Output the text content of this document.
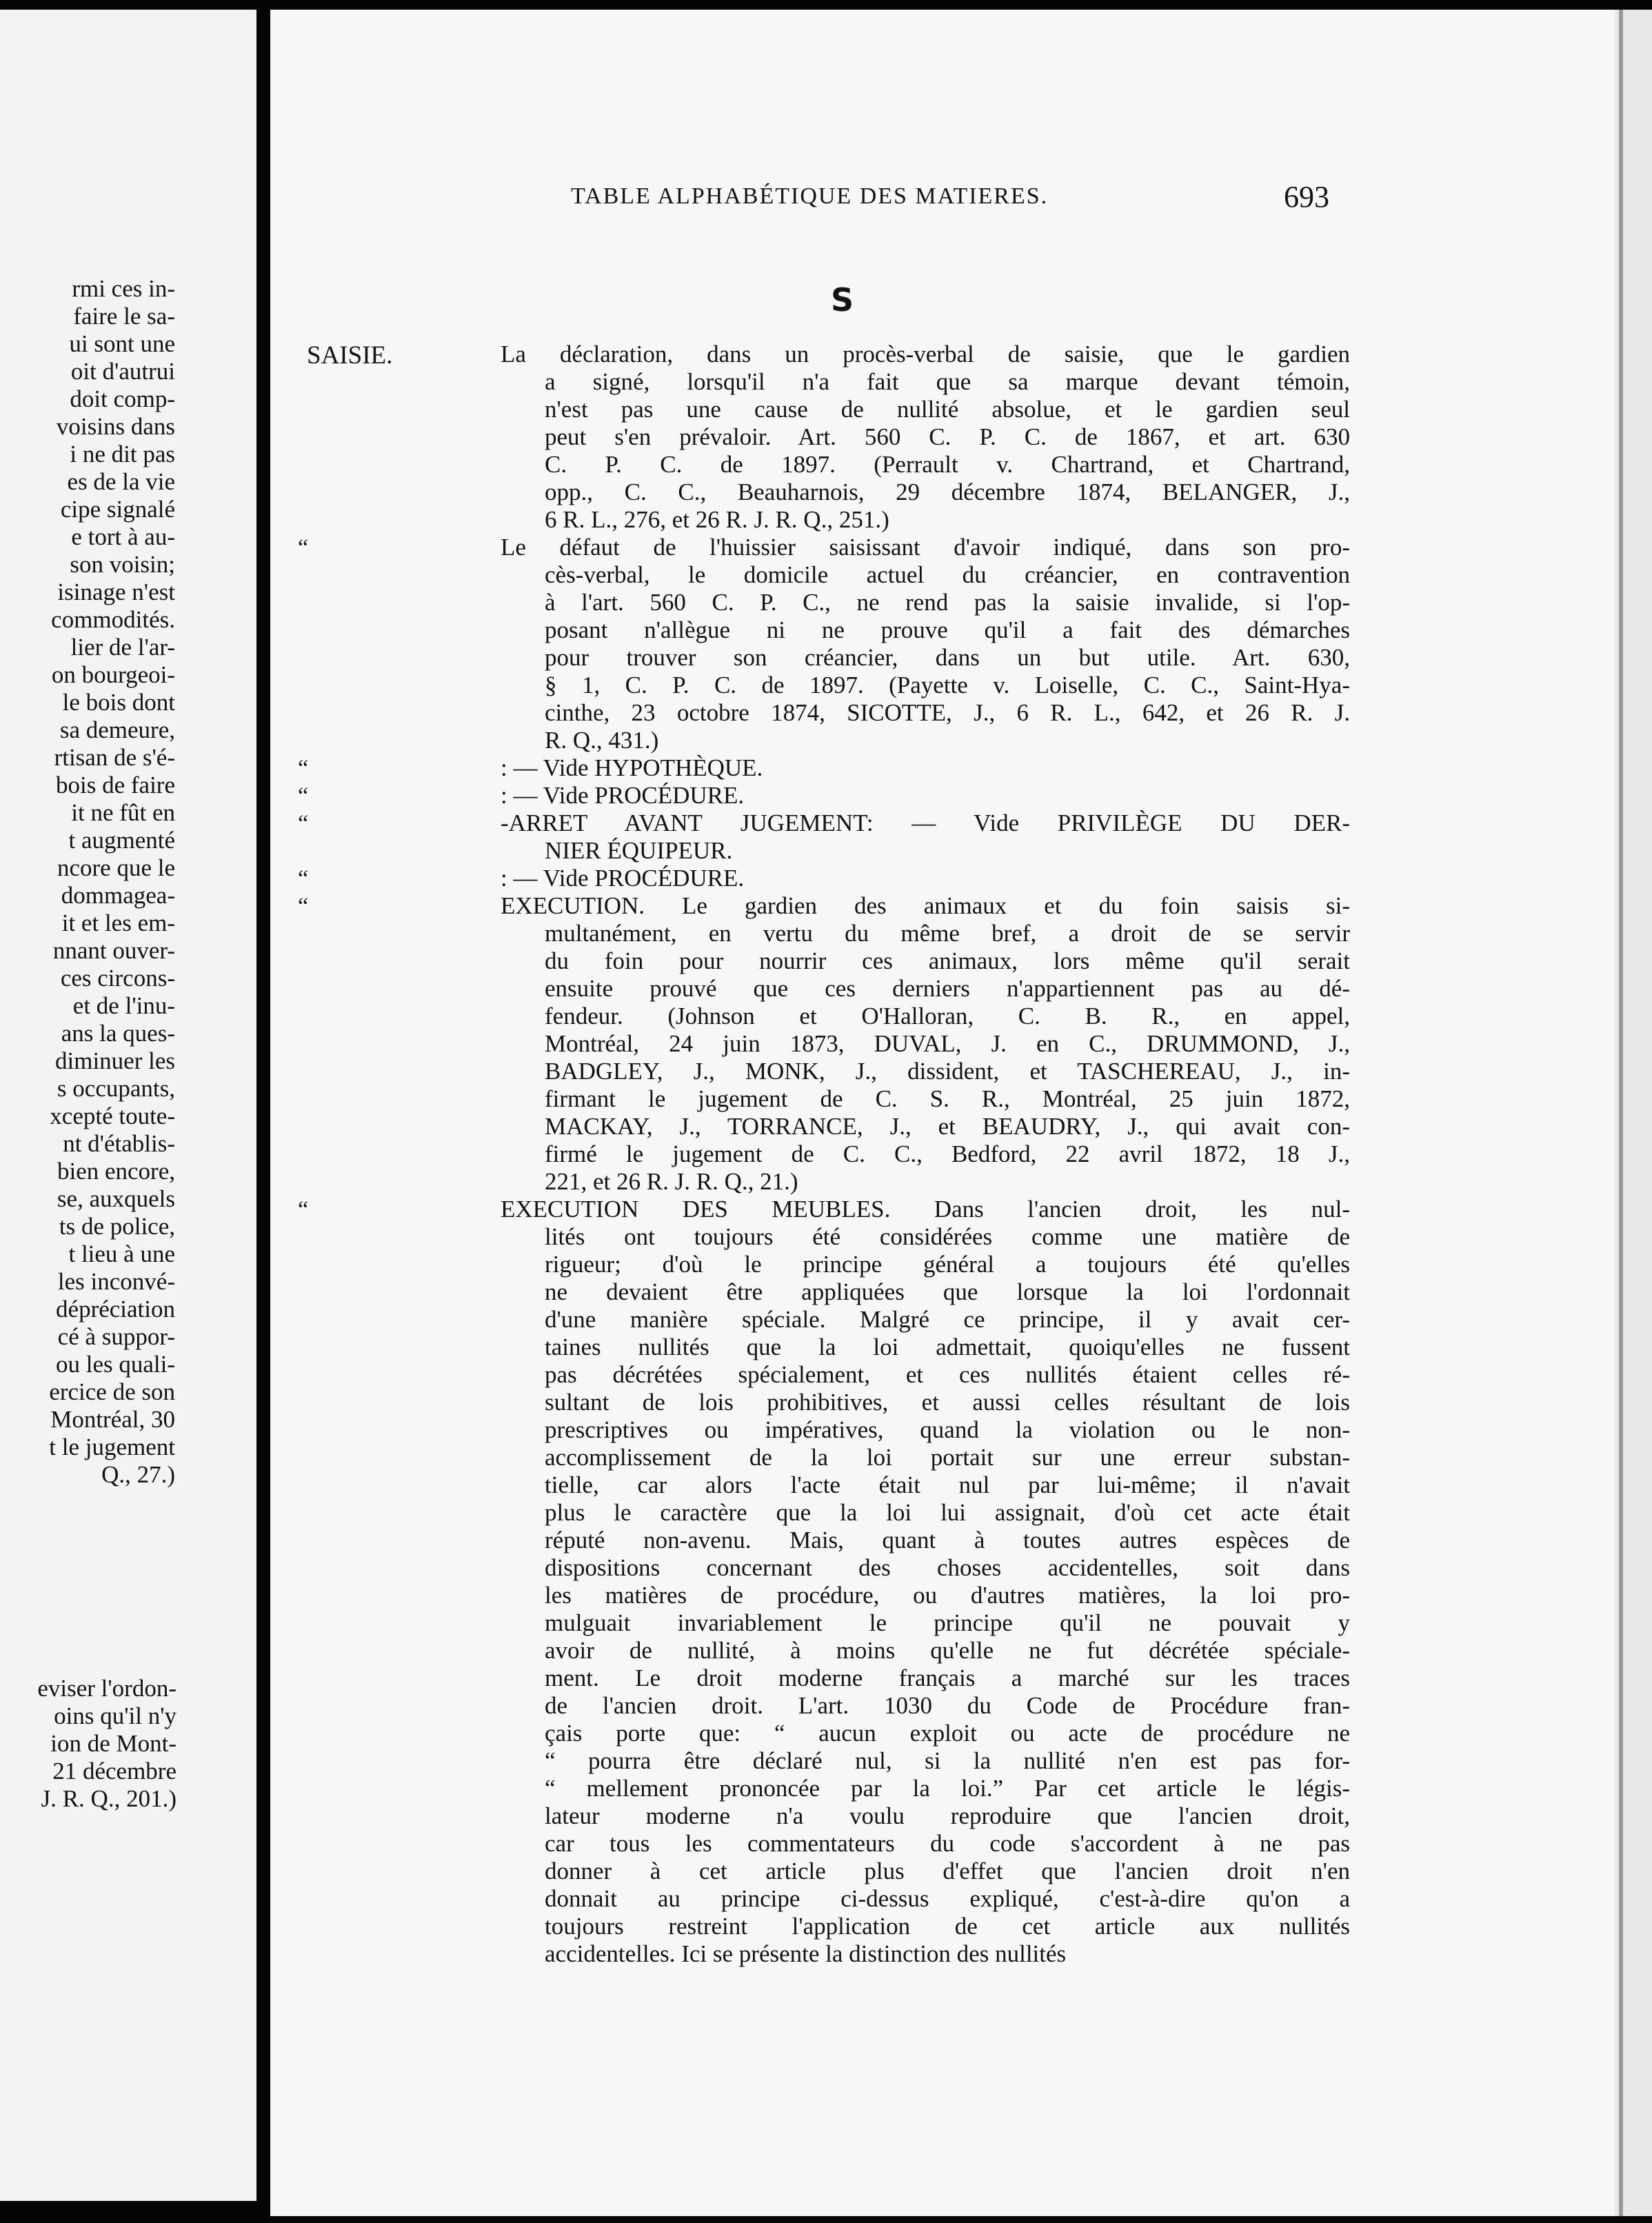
rmi ces in-
faire le sa-
ui sont une
oit d'autrui
doit comp-
voisins dans
i ne dit pas
es de la vie
cipe signalé
e tort à au-
son voisin;
isinage n'est
commodités.
lier de l'ar-
on bourgeoi-
le bois dont
sa demeure,
rtisan de s'é-
bois de faire
it ne fût en
t augmenté
ncore que le
dommagea-
it et les em-
nnant ouver-
ces circons-
et de l'inu-
ans la ques-
diminuer les
s occupants,
xcepté toute-
nt d'établis-
bien encore,
se, auxquels
ts de police,
t lieu à une
les inconvé-
dépréciation
cé à suppor-
ou les quali-
ercice de son
Montréal, 30
t le jugement
Q., 27.)
eviser l'ordon-
oins qu'il n'y
ion de Mont-
21 décembre
J. R. Q., 201.)
TABLE ALPHABÉTIQUE DES MATIERES.	693
S
SAISIE.	La déclaration, dans un procès-verbal de saisie, que le gardien
a signé, lorsqu'il n'a fait que sa marque devant témoin,
n'est pas une cause de nullité absolue, et le gardien seul
peut s'en prévaloir. Art. 560 C. P. C. de 1867, et art. 630
C. P. C. de 1897. (Perrault v. Chartrand, et Chartrand,
opp., C. C., Beauharnois, 29 décembre 1874, BELANGER, J.,
6 R. L., 276, et 26 R. J. R. Q., 251.)
“	Le défaut de l'huissier saisissant d'avoir indiqué, dans son pro-
cès-verbal, le domicile actuel du créancier, en contravention
à l'art. 560 C. P. C., ne rend pas la saisie invalide, si l'op-
posant n'allègue ni ne prouve qu'il a fait des démarches
pour trouver son créancier, dans un but utile. Art. 630,
§ 1, C. P. C. de 1897. (Payette v. Loiselle, C. C., Saint-Hya-
cinthe, 23 octobre 1874, SICOTTE, J., 6 R. L., 642, et 26 R. J.
R. Q., 431.)
“	: — Vide HYPOTHÈQUE.
“	: — Vide PROCÉDURE.
“	-ARRET AVANT JUGEMENT: — Vide PRIVILÈGE DU DER-
NIER ÉQUIPEUR.
“	: — Vide PROCÉDURE.
“	EXECUTION. Le gardien des animaux et du foin saisis si-
multanément, en vertu du même bref, a droit de se servir
du foin pour nourrir ces animaux, lors même qu'il serait
ensuite prouvé que ces derniers n'appartiennent pas au dé-
fendeur. (Johnson et O'Halloran, C. B. R., en appel,
Montréal, 24 juin 1873, DUVAL, J. en C., DRUMMOND, J.,
BADGLEY, J., MONK, J., dissident, et TASCHEREAU, J., in-
firmant le jugement de C. S. R., Montréal, 25 juin 1872,
MACKAY, J., TORRANCE, J., et BEAUDRY, J., qui avait con-
firmé le jugement de C. C., Bedford, 22 avril 1872, 18 J.,
221, et 26 R. J. R. Q., 21.)
“	EXECUTION DES MEUBLES. Dans l'ancien droit, les nul-
lités ont toujours été considérées comme une matière de
rigueur; d'où le principe général a toujours été qu'elles
ne devaient être appliquées que lorsque la loi l'ordonnait
d'une manière spéciale. Malgré ce principe, il y avait cer-
taines nullités que la loi admettait, quoiqu'elles ne fussent
pas décrétées spécialement, et ces nullités étaient celles ré-
sultant de lois prohibitives, et aussi celles résultant de lois
prescriptives ou impératives, quand la violation ou le non-
accomplissement de la loi portait sur une erreur substan-
tielle, car alors l'acte était nul par lui-même; il n'avait
plus le caractère que la loi lui assignait, d'où cet acte était
réputé non-avenu. Mais, quant à toutes autres espèces de
dispositions concernant des choses accidentelles, soit dans
les matières de procédure, ou d'autres matières, la loi pro-
mulguait invariablement le principe qu'il ne pouvait y
avoir de nullité, à moins qu'elle ne fut décrétée spéciale-
ment. Le droit moderne français a marché sur les traces
de l'ancien droit. L'art. 1030 du Code de Procédure fran-
çais porte que: “ aucun exploit ou acte de procédure ne
“ pourra être déclaré nul, si la nullité n'en est pas for-
“ mellement prononcée par la loi.” Par cet article le légis-
lateur moderne n'a voulu reproduire que l'ancien droit,
car tous les commentateurs du code s'accordent à ne pas
donner à cet article plus d'effet que l'ancien droit n'en
donnait au principe ci-dessus expliqué, c'est-à-dire qu'on a
toujours restreint l'application de cet article aux nullités
accidentelles. Ici se présente la distinction des nullités
